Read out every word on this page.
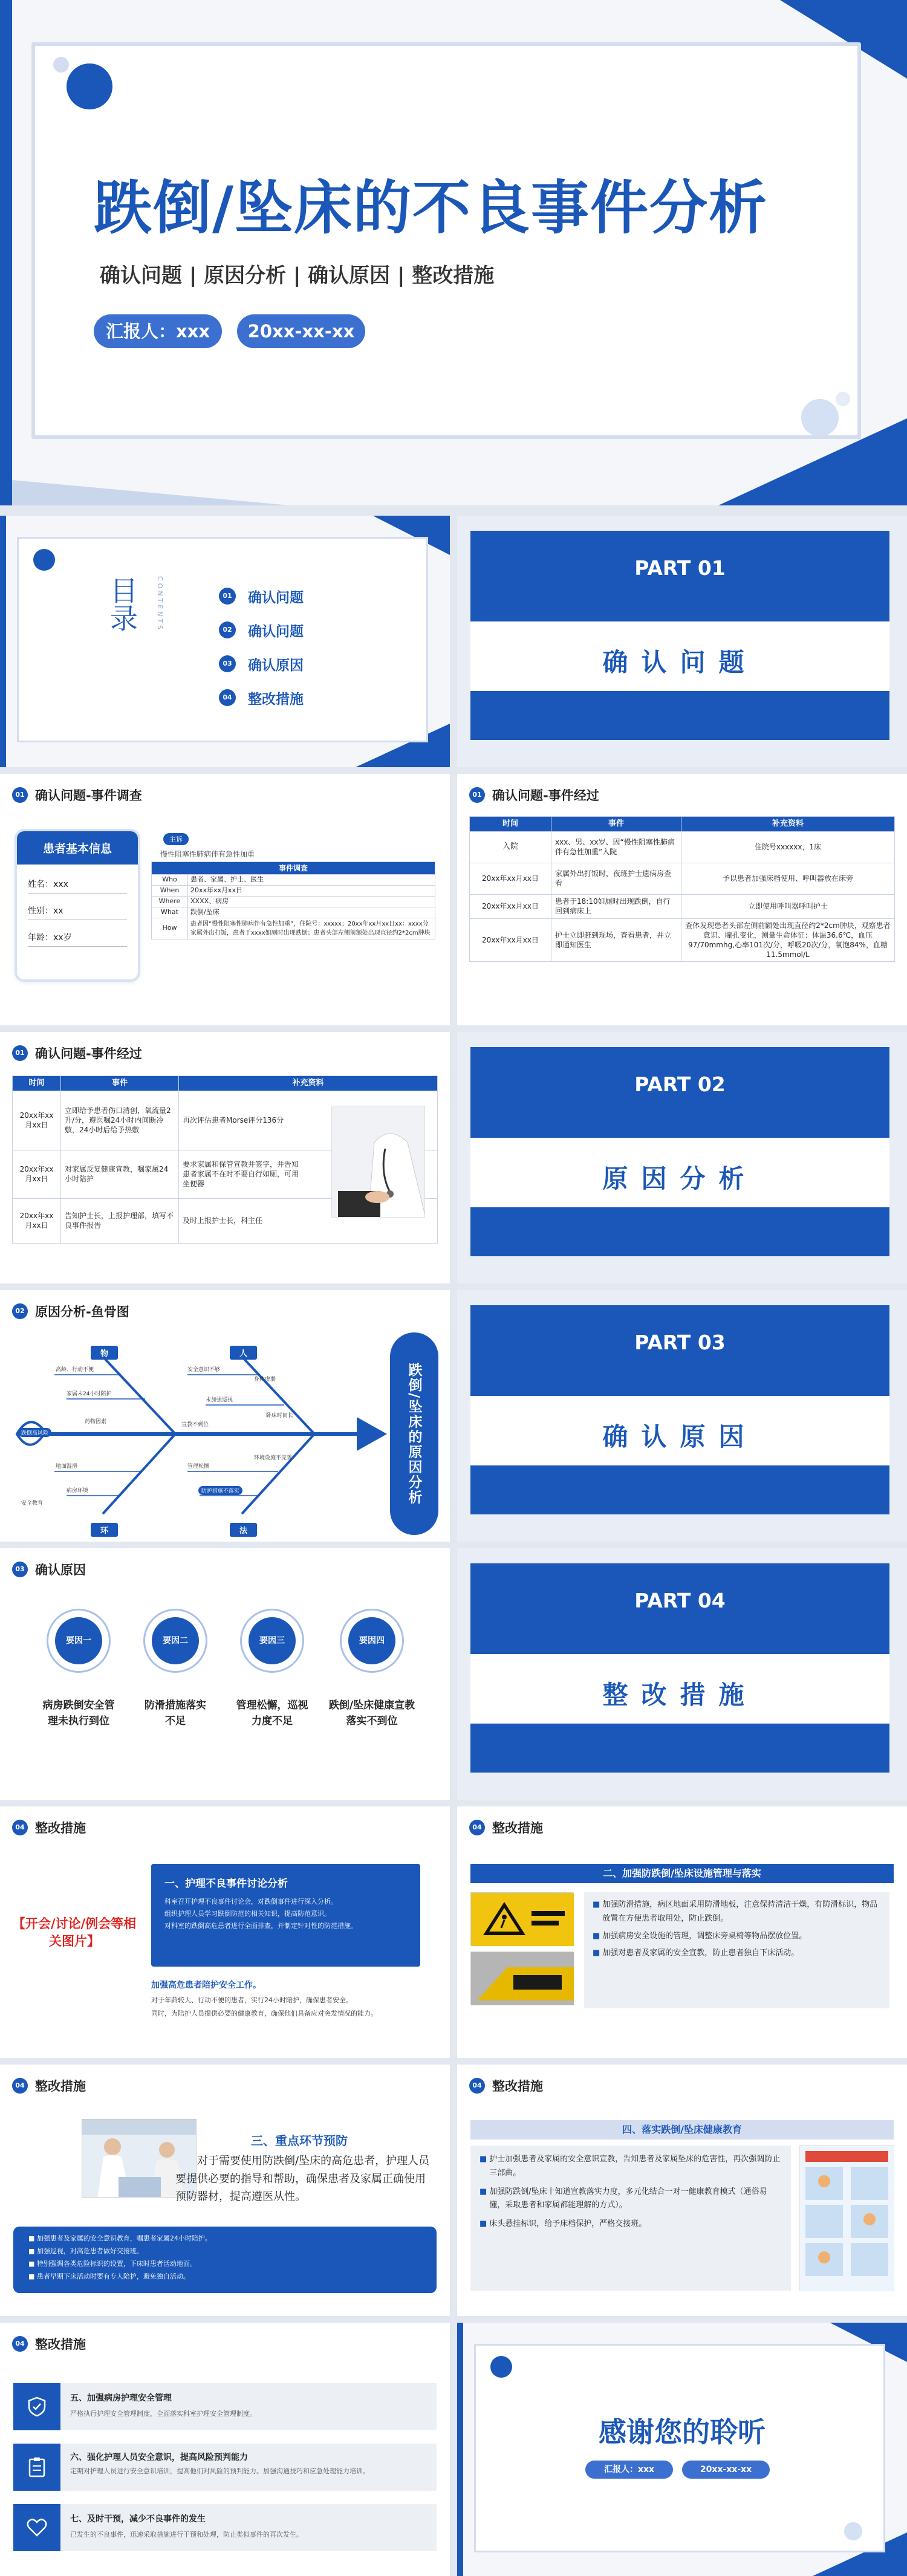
跌倒/坠床的不良事件分析
确认问题 | 原因分析 | 确认原因 | 整改措施
汇报人：xxx	20xx-xx-xx
目录	CONTENTS	01 确认问题
02 确认问题
03 确认原因
04 整改措施
PART 01
确认问题
01 确认问题-事件调查
患者基本信息
姓名：xxx
性别：xx
年龄：xx岁
主诉
慢性阻塞性肺病伴有急性加重
事件调查	
Who	患者、家属、护士、医生
When	20xx年xx月xx日
Where	XXXX、病房
What	跌倒/坠床
How	患者因“慢性阻塞性肺病伴有急性加重”，住院号：xxxxx；20xx年xx月xx日xx：xxxx分家属外出打饭，患者于xxxx如厕时出现跌倒；患者头部左侧前额处出现直径约2*2cm肿块
01 确认问题-事件经过
时间	事件	补充资料
入院	xxx、男、xx岁、因“慢性阻塞性肺病伴有急性加重”入院	住院号xxxxxx，1床
20xx年xx月xx日	家属外出打饭时，夜班护士遗病房查看	予以患者加强床档使用、呼叫器放在床旁
20xx年xx月xx日	患者于18:10如厕时出现跌倒，自行回到病床上	立即使用呼叫器呼叫护士
20xx年xx月xx日	护士立即赶到现场，查看患者，并立即通知医生	查体发现患者头部左侧前额处出现直径约2*2cm肿块，观察患者意识、瞳孔变化，测量生命体征：体温36.6℃，血压97/70mmhg,心率101次/分，呼吸20次/分，氧饱84%，血糖11.5mmol/L
01 确认问题-事件经过
时间	事件	补充资料
20xx年xx月xx日	立即给予患者伤口清创，氧流量2升/分，遵医嘱24小时内间断冷敷，24小时后给予热敷	再次评估患者Morse评分136分
20xx年xx月xx日	对家属反复健康宣教，嘱家属24小时陪护	要求家属和保管宣教并签字，并告知患者家属不在时不要自行如厕，可用坐便器
20xx年xx月xx日	告知护士长，上报护理部，填写不良事件报告	及时上报护士长，科主任
PART 02
原因分析
02 原因分析-鱼骨图
物	人
环	法
高龄、行动不便
家属未24小时陪护
安全意识不够
未加强巡视
身体虚弱
跌倒高风险
药物因素
卧床时间长
宣教不到位
地面湿滑
病房环境
管理松懈
环境设施不完善
防护措施不落实
安全教育	跌倒/坠床的原因分析
PART 03
确认原因
03 确认原因
要因一
病房跌倒安全管理未执行到位
要因二
防滑措施落实不足
要因三
管理松懈，巡视力度不足
要因四
跌倒/坠床健康宣教落实不到位
PART 04
整改措施
04 整改措施
【开会/讨论/例会等相关图片】
一、护理不良事件讨论分析
科室召开护理不良事件讨论会，对跌倒事件进行深入分析。
组织护理人员学习跌倒防范的相关知识，提高防范意识。
对科室的跌倒高危患者进行全面排查，并制定针对性的防范措施。
加强高危患者陪护安全工作。
对于年龄较大、行动不便的患者，实行24小时陪护，确保患者安全。
同时，为陪护人员提供必要的健康教育，确保他们具备应对突发情况的能力。
04 整改措施
二、加强防跌倒/坠床设施管理与落实
■ 加强防滑措施，病区地面采用防滑地板，注意保持清洁干燥，有防滑标识，物品放置在方便患者取用处，防止跌倒。
■ 加强病房安全设施的管理，调整床旁桌椅等物品摆放位置。
■ 加强对患者及家属的安全宣教，防止患者独自下床活动。
04 整改措施
三、重点环节预防
对于需要使用防跌倒/坠床的高危患者，护理人员要提供必要的指导和帮助，确保患者及家属正确使用预防器材，提高遵医从性。
■ 加强患者及家属的安全意识教育，嘱患者家属24小时陪护。
■ 加强巡视，对高危患者做好交接班。
■ 特别强调各类危险标识的设置，下床时患者活动地面。
■ 患者早期下床活动时要有专人陪护，避免独自活动。
04 整改措施
四、落实跌倒/坠床健康教育
■ 护士加强患者及家属的安全意识宣教，告知患者及家属坠床的危害性，再次强调防止三部曲。
■ 加强防跌倒/坠床十知道宣教落实力度，多元化结合一对一健康教育模式（通俗易懂，采取患者和家属都能理解的方式）。
■ 床头悬挂标识，给予床档保护，严格交接班。
04 整改措施
五、加强病房护理安全管理
严格执行护理安全管理制度，全面落实科室护理安全管理制度。
六、强化护理人员安全意识，提高风险预判能力
定期对护理人员进行安全意识培训，提高他们对风险的预判能力。加强沟通技巧和应急处理能力培训。
七、及时干预，减少不良事件的发生
已发生的不良事件，迅速采取措施进行干预和处理，防止类似事件的再次发生。
感谢您的聆听
汇报人：xxx	20xx-xx-xx
